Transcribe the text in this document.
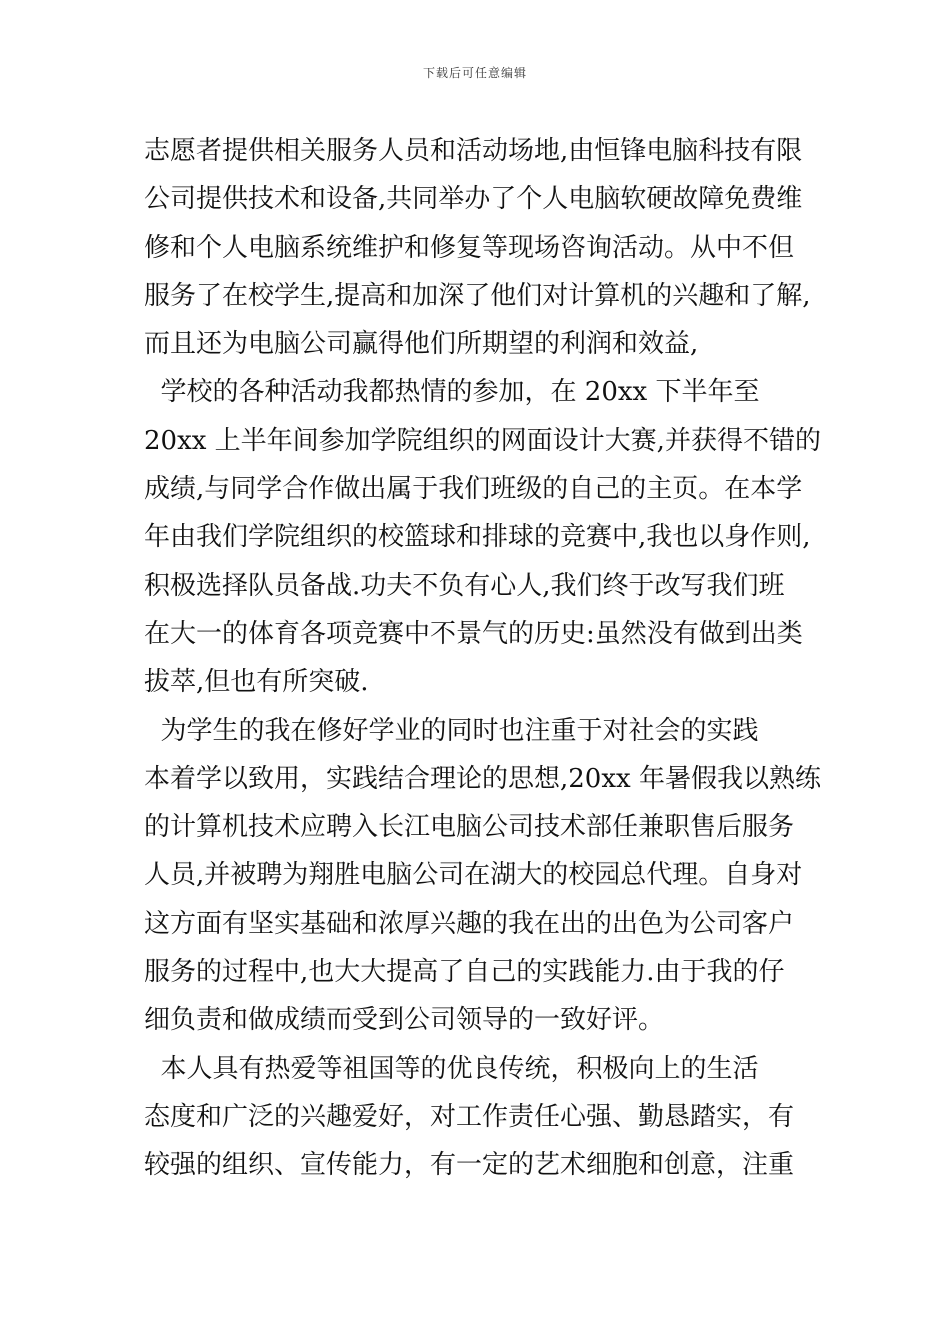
下载后可任意编辑
志愿者提供相关服务人员和活动场地,由恒锋电脑科技有限
公司提供技术和设备,共同举办了个人电脑软硬故障免费维
修和个人电脑系统维护和修复等现场咨询活动。从中不但
服务了在校学生,提高和加深了他们对计算机的兴趣和了解,
而且还为电脑公司赢得他们所期望的利润和效益,
学校的各种活动我都热情的参加，在 20xx 下半年至
20xx 上半年间参加学院组织的网面设计大赛,并获得不错的
成绩,与同学合作做出属于我们班级的自己的主页。在本学
年由我们学院组织的校篮球和排球的竞赛中,我也以身作则,
积极选择队员备战.功夫不负有心人,我们终于改写我们班
在大一的体育各项竞赛中不景气的历史:虽然没有做到出类
拔萃,但也有所突破.
为学生的我在修好学业的同时也注重于对社会的实践
本着学以致用，实践结合理论的思想,20xx 年暑假我以熟练
的计算机技术应聘入长江电脑公司技术部任兼职售后服务
人员,并被聘为翔胜电脑公司在湖大的校园总代理。自身对
这方面有坚实基础和浓厚兴趣的我在出的出色为公司客户
服务的过程中,也大大提高了自己的实践能力.由于我的仔
细负责和做成绩而受到公司领导的一致好评。
本人具有热爱等祖国等的优良传统，积极向上的生活
态度和广泛的兴趣爱好，对工作责任心强、勤恳踏实，有
较强的组织、宣传能力，有一定的艺术细胞和创意，注重
